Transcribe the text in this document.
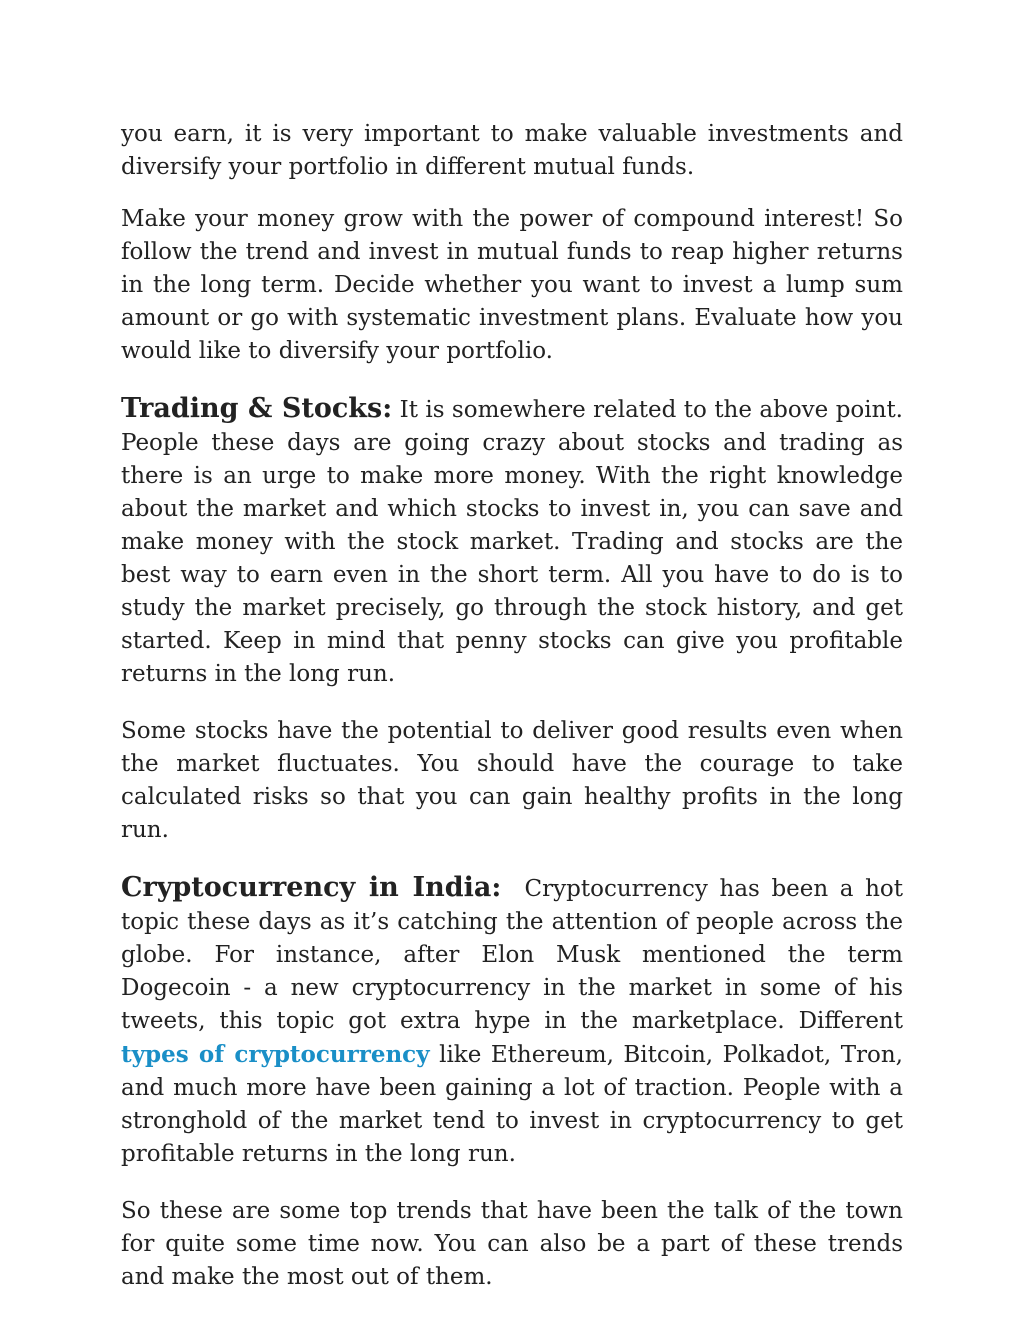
you earn, it is very important to make valuable investments and diversify your portfolio in different mutual funds.

Make your money grow with the power of compound interest! So follow the trend and invest in mutual funds to reap higher returns in the long term. Decide whether you want to invest a lump sum amount or go with systematic investment plans. Evaluate how you would like to diversify your portfolio.

Trading & Stocks: It is somewhere related to the above point. People these days are going crazy about stocks and trading as there is an urge to make more money. With the right knowledge about the market and which stocks to invest in, you can save and make money with the stock market. Trading and stocks are the best way to earn even in the short term. All you have to do is to study the market precisely, go through the stock history, and get started. Keep in mind that penny stocks can give you profitable returns in the long run.

Some stocks have the potential to deliver good results even when the market fluctuates. You should have the courage to take calculated risks so that you can gain healthy profits in the long run.

Cryptocurrency in India: Cryptocurrency has been a hot topic these days as it’s catching the attention of people across the globe. For instance, after Elon Musk mentioned the term Dogecoin - a new cryptocurrency in the market in some of his tweets, this topic got extra hype in the marketplace. Different types of cryptocurrency like Ethereum, Bitcoin, Polkadot, Tron, and much more have been gaining a lot of traction. People with a stronghold of the market tend to invest in cryptocurrency to get profitable returns in the long run.

So these are some top trends that have been the talk of the town for quite some time now. You can also be a part of these trends and make the most out of them.
